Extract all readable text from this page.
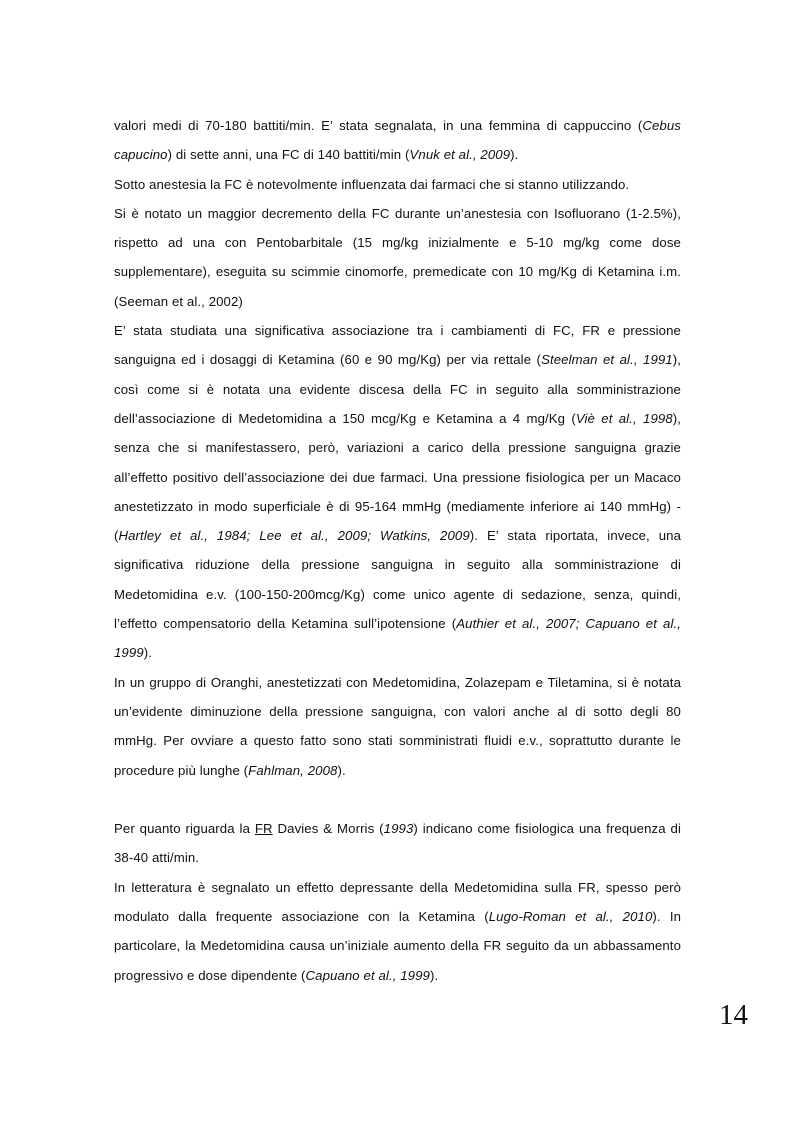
valori medi di 70-180 battiti/min. E’ stata segnalata, in una femmina di cappuccino (Cebus capucino) di sette anni, una FC di 140 battiti/min (Vnuk et al., 2009).

Sotto anestesia la FC è notevolmente influenzata dai farmaci che si stanno utilizzando.

Si è notato un maggior decremento della FC durante un’anestesia con Isofluorano (1-2.5%), rispetto ad una con Pentobarbitale (15 mg/kg inizialmente e 5-10 mg/kg come dose supplementare), eseguita su scimmie cinomorfe, premedicate con 10 mg/Kg di Ketamina i.m. (Seeman et al., 2002)

E’ stata studiata una significativa associazione tra i cambiamenti di FC, FR e pressione sanguigna ed i dosaggi di Ketamina (60 e 90 mg/Kg) per via rettale (Steelman et al., 1991), così come si è notata una evidente discesa della FC in seguito alla somministrazione dell’associazione di Medetomidina a 150 mcg/Kg e Ketamina a 4 mg/Kg (Viè et al., 1998), senza che si manifestassero, però, variazioni a carico della pressione sanguigna grazie all’effetto positivo dell’associazione dei due farmaci. Una pressione fisiologica per un Macaco anestetizzato in modo superficiale è di 95-164 mmHg (mediamente inferiore ai 140 mmHg) - (Hartley et al., 1984; Lee et al., 2009; Watkins, 2009). E’ stata riportata, invece, una significativa riduzione della pressione sanguigna in seguito alla somministrazione di Medetomidina e.v. (100-150-200mcg/Kg) come unico agente di sedazione, senza, quindi, l’effetto compensatorio della Ketamina sull’ipotensione (Authier et al., 2007; Capuano et al., 1999).

In un gruppo di Oranghi, anestetizzati con Medetomidina, Zolazepam e Tiletamina, si è notata un’evidente diminuzione della pressione sanguigna, con valori anche al di sotto degli 80 mmHg. Per ovviare a questo fatto sono stati somministrati fluidi e.v., soprattutto durante le procedure più lunghe (Fahlman, 2008).

Per quanto riguarda la FR Davies & Morris (1993) indicano come fisiologica una frequenza di 38-40 atti/min.

In letteratura è segnalato un effetto depressante della Medetomidina sulla FR, spesso però modulato dalla frequente associazione con la Ketamina (Lugo-Roman et al., 2010). In particolare, la Medetomidina causa un’iniziale aumento della FR seguito da un abbassamento progressivo e dose dipendente (Capuano et al., 1999).

14
